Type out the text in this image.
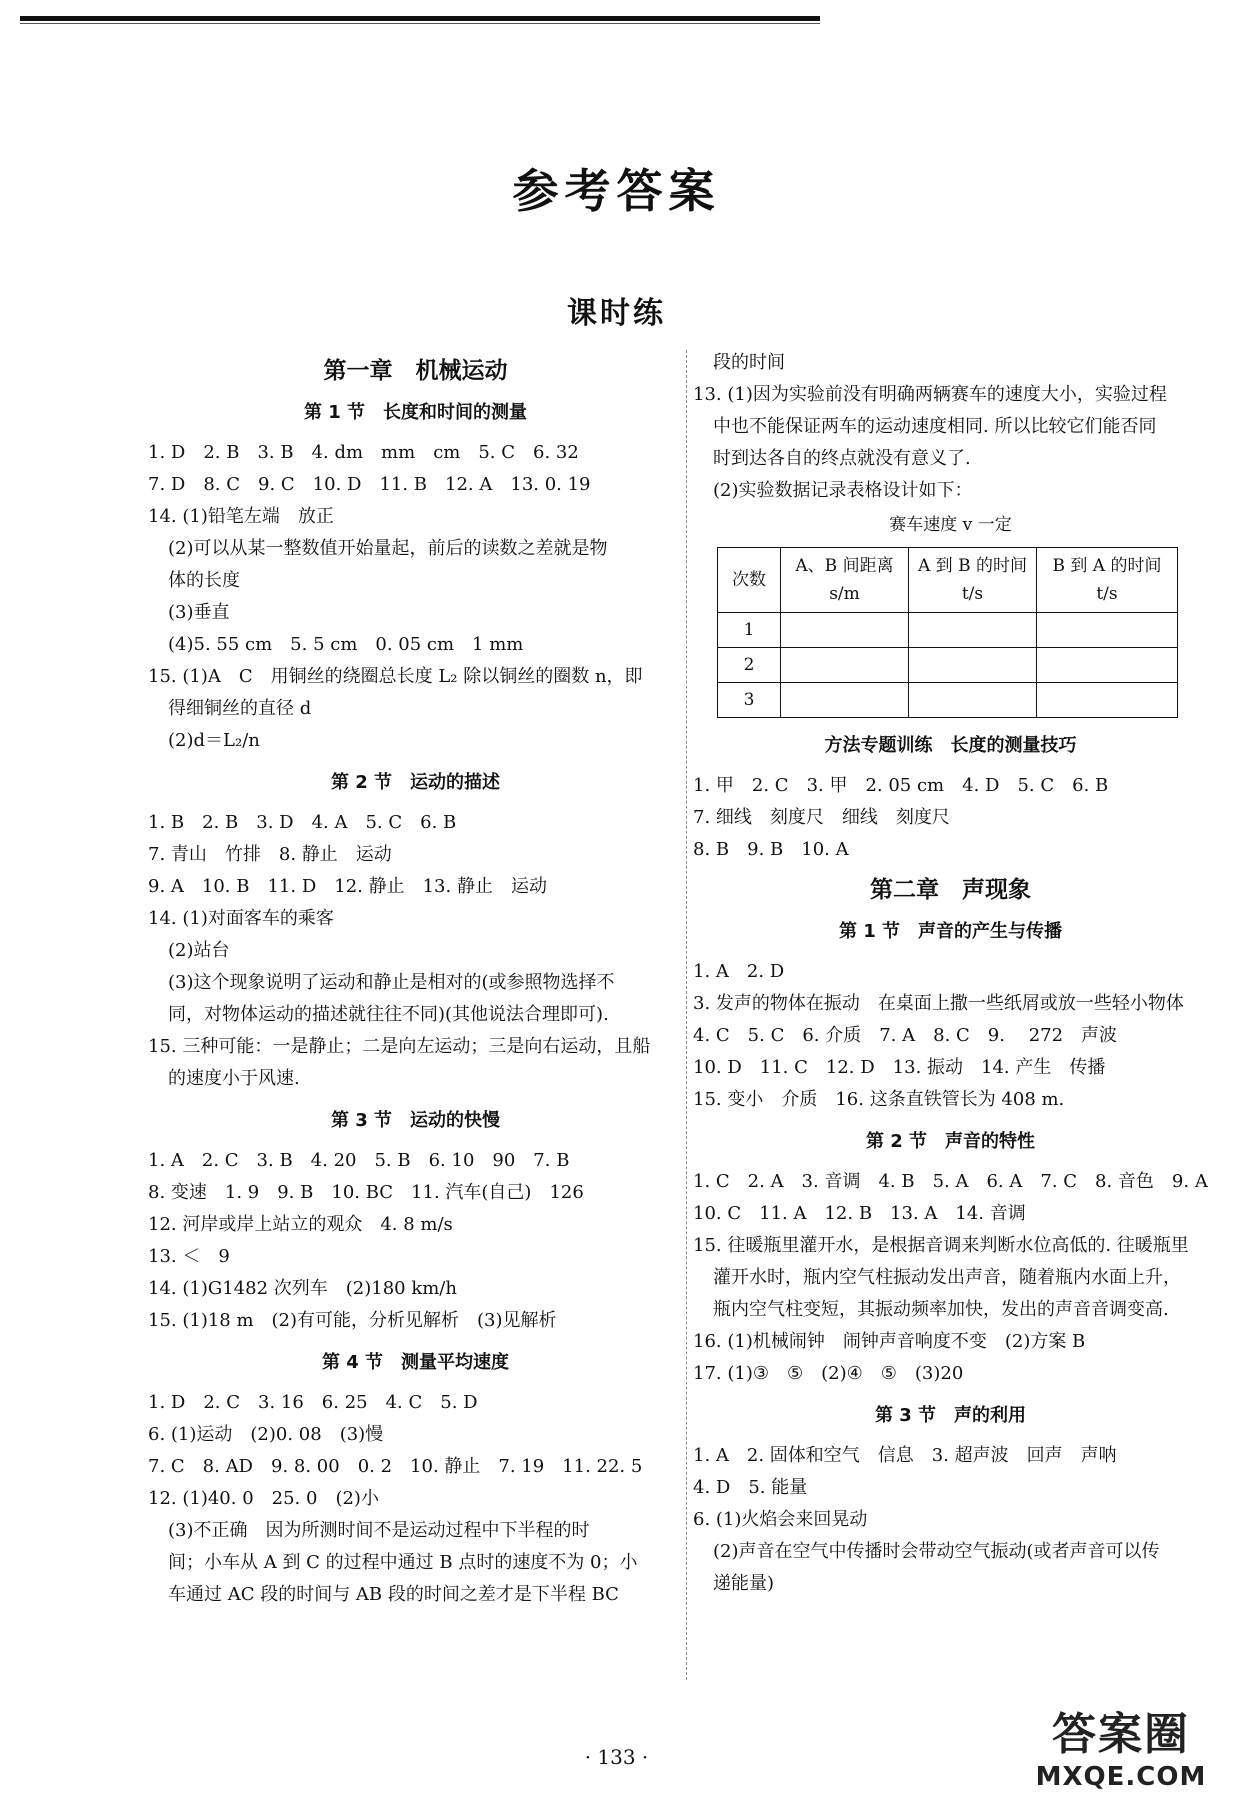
参考答案
课时练
第一章　机械运动
第 1 节　长度和时间的测量
1. D　2. B　3. B　4. dm　mm　cm　5. C　6. 32
7. D　8. C　9. C　10. D　11. B　12. A　13. 0. 19
14. (1)铅笔左端　放正
(2)可以从某一整数值开始量起，前后的读数之差就是物
体的长度
(3)垂直
(4)5. 55 cm　5. 5 cm　0. 05 cm　1 mm
15. (1)A　C　用铜丝的绕圈总长度 L₂ 除以铜丝的圈数 n，即
得细铜丝的直径 d
(2)d＝L₂/n
第 2 节　运动的描述
1. B　2. B　3. D　4. A　5. C　6. B
7. 青山　竹排　8. 静止　运动
9. A　10. B　11. D　12. 静止　13. 静止　运动
14. (1)对面客车的乘客
(2)站台
(3)这个现象说明了运动和静止是相对的(或参照物选择不
同，对物体运动的描述就往往不同)(其他说法合理即可).
15. 三种可能：一是静止；二是向左运动；三是向右运动，且船
的速度小于风速.
第 3 节　运动的快慢
1. A　2. C　3. B　4. 20　5. B　6. 10　90　7. B
8. 变速　1. 9　9. B　10. BC　11. 汽车(自己)　126
12. 河岸或岸上站立的观众　4. 8 m/s
13. ＜　9
14. (1)G1482 次列车　(2)180 km/h
15. (1)18 m　(2)有可能，分析见解析　(3)见解析
第 4 节　测量平均速度
1. D　2. C　3. 16　6. 25　4. C　5. D
6. (1)运动　(2)0. 08　(3)慢
7. C　8. AD　9. 8. 00　0. 2　10. 静止　7. 19　11. 22. 5
12. (1)40. 0　25. 0　(2)小
(3)不正确　因为所测时间不是运动过程中下半程的时
间；小车从 A 到 C 的过程中通过 B 点时的速度不为 0；小
车通过 AC 段的时间与 AB 段的时间之差才是下半程 BC
段的时间
13. (1)因为实验前没有明确两辆赛车的速度大小，实验过程
中也不能保证两车的运动速度相同. 所以比较它们能否同
时到达各自的终点就没有意义了.
(2)实验数据记录表格设计如下：
赛车速度 v 一定
次数	A、B 间距离 s/m	A 到 B 的时间 t/s	B 到 A 的时间 t/s
1			
2			
3			
方法专题训练　长度的测量技巧
1. 甲　2. C　3. 甲　2. 05 cm　4. D　5. C　6. B
7. 细线　刻度尺　细线　刻度尺
8. B　9. B　10. A
第二章　声现象
第 1 节　声音的产生与传播
1. A　2. D
3. 发声的物体在振动　在桌面上撒一些纸屑或放一些轻小物体
4. C　5. C　6. 介质　7. A　8. C　9. 　272　声波
10. D　11. C　12. D　13. 振动　14. 产生　传播
15. 变小　介质　16. 这条直铁管长为 408 m.
第 2 节　声音的特性
1. C　2. A　3. 音调　4. B　5. A　6. A　7. C　8. 音色　9. A
10. C　11. A　12. B　13. A　14. 音调
15. 往暖瓶里灌开水，是根据音调来判断水位高低的. 往暖瓶里
灌开水时，瓶内空气柱振动发出声音，随着瓶内水面上升，
瓶内空气柱变短，其振动频率加快，发出的声音音调变高.
16. (1)机械闹钟　闹钟声音响度不变　(2)方案 B
17. (1)③　⑤　(2)④　⑤　(3)20
第 3 节　声的利用
1. A　2. 固体和空气　信息　3. 超声波　回声　声呐
4. D　5. 能量
6. (1)火焰会来回晃动
(2)声音在空气中传播时会带动空气振动(或者声音可以传
递能量)
· 133 ·	答案圈
MXQE.COM
